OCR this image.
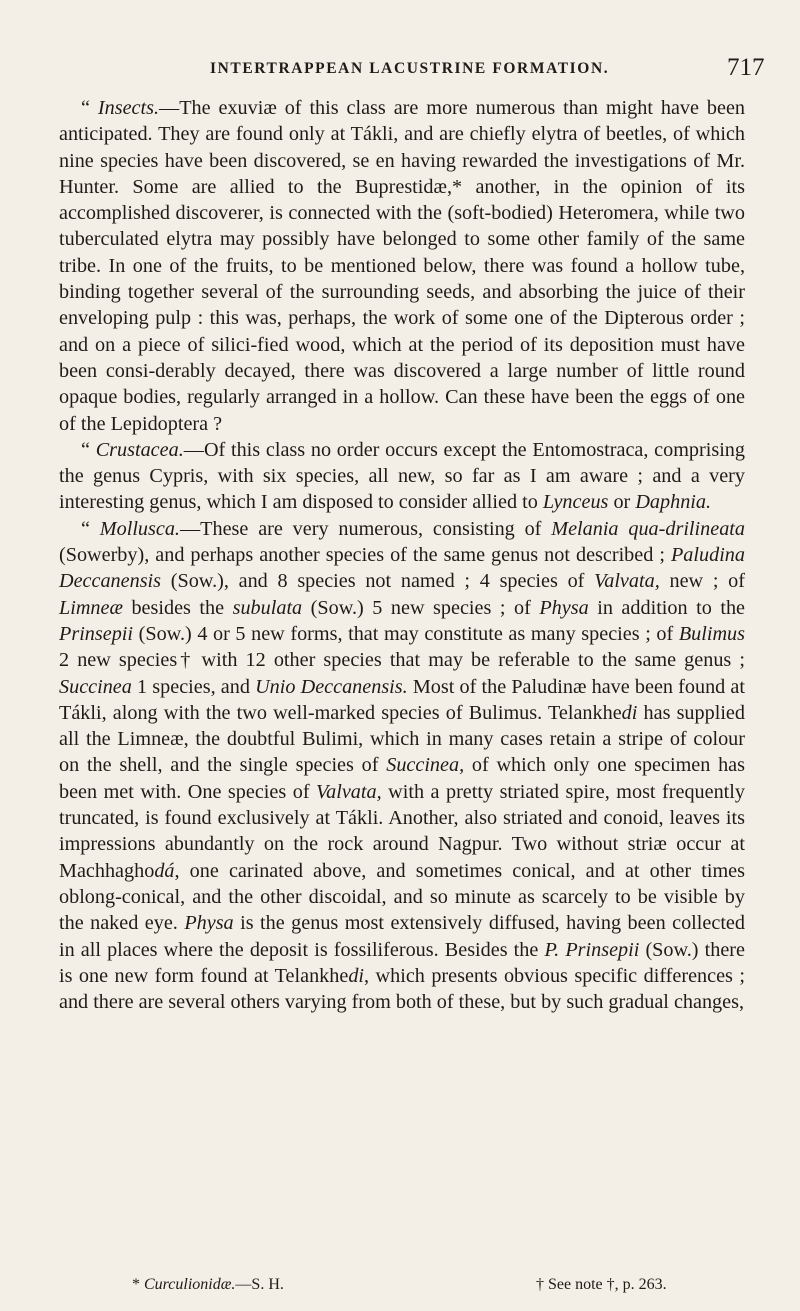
INTERTRAPPEAN LACUSTRINE FORMATION.	717

“ Insects.—The exuviæ of this class are more numerous than might have been anticipated. They are found only at Tákli, and are chiefly elytra of beetles, of which nine species have been discovered, se en having rewarded the investigations of Mr. Hunter. Some are allied to the Buprestidæ,* another, in the opinion of its accomplished discoverer, is connected with the (soft-bodied) Heteromera, while two tuberculated elytra may possibly have belonged to some other family of the same tribe. In one of the fruits, to be mentioned below, there was found a hollow tube, binding together several of the surrounding seeds, and absorbing the juice of their enveloping pulp : this was, perhaps, the work of some one of the Dipterous order ; and on a piece of silici-fied wood, which at the period of its deposition must have been consi-derably decayed, there was discovered a large number of little round opaque bodies, regularly arranged in a hollow. Can these have been the eggs of one of the Lepidoptera ?

“ Crustacea.—Of this class no order occurs except the Entomostraca, comprising the genus Cypris, with six species, all new, so far as I am aware ; and a very interesting genus, which I am disposed to consider allied to Lynceus or Daphnia.

“ Mollusca.—These are very numerous, consisting of Melania qua-drilineata (Sowerby), and perhaps another species of the same genus not described ; Paludina Deccanensis (Sow.), and 8 species not named ; 4 species of Valvata, new ; of Limneæ besides the subulata (Sow.) 5 new species ; of Physa in addition to the Prinsepii (Sow.) 4 or 5 new forms, that may constitute as many species ; of Bulimus 2 new species† with 12 other species that may be referable to the same genus ; Succinea 1 species, and Unio Deccanensis. Most of the Paludinæ have been found at Tákli, along with the two well-marked species of Bulimus. Telankhedi has supplied all the Limneæ, the doubtful Bulimi, which in many cases retain a stripe of colour on the shell, and the single species of Succinea, of which only one specimen has been met with. One species of Valvata, with a pretty striated spire, most frequently truncated, is found exclusively at Tákli. Another, also striated and conoid, leaves its impressions abundantly on the rock around Nagpur. Two without striæ occur at Machhaghodá, one carinated above, and sometimes conical, and at other times oblong-conical, and the other discoidal, and so minute as scarcely to be visible by the naked eye. Physa is the genus most extensively diffused, having been collected in all places where the deposit is fossiliferous. Besides the P. Prinsepii (Sow.) there is one new form found at Telankhedi, which presents obvious specific differences ; and there are several others varying from both of these, but by such gradual changes,

* Curculionidæ.—S. H.	† See note †, p. 263.
